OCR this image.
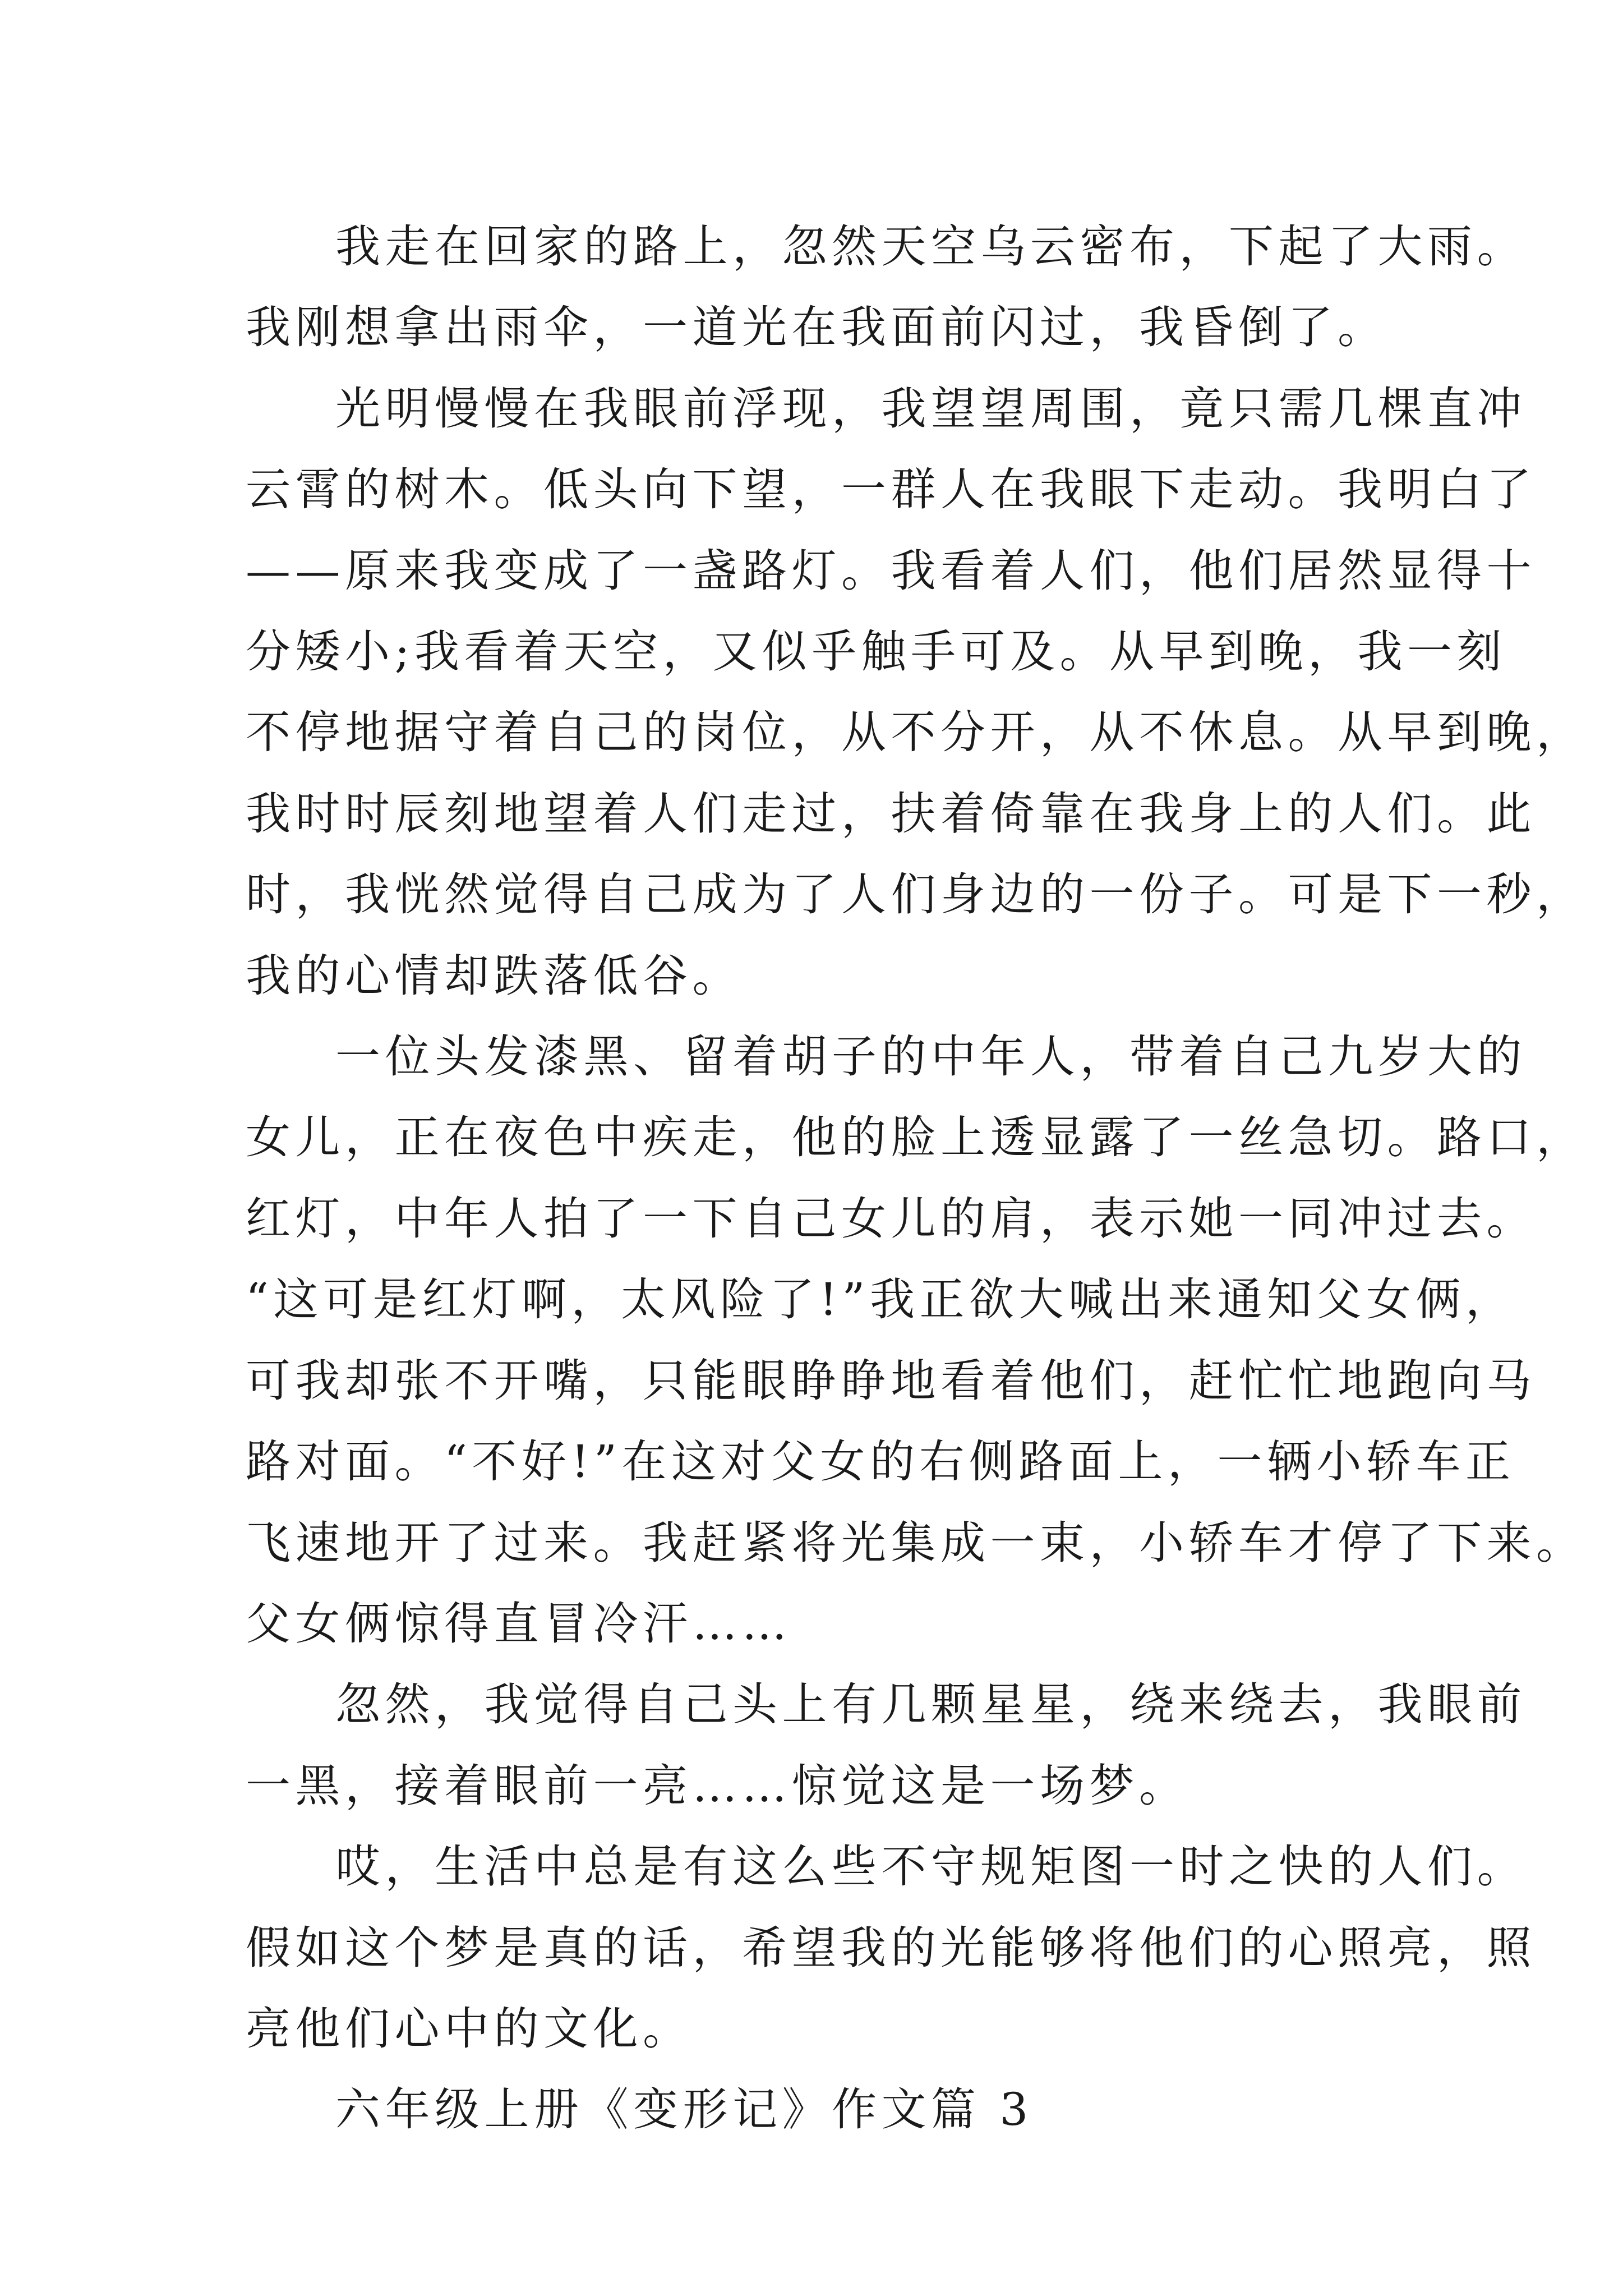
我走在回家的路上，忽然天空乌云密布，下起了大雨。
我刚想拿出雨伞，一道光在我面前闪过，我昏倒了。

光明慢慢在我眼前浮现，我望望周围，竟只需几棵直冲
云霄的树木。低头向下望，一群人在我眼下走动。我明白了
——原来我变成了一盏路灯。我看着人们，他们居然显得十
分矮小;我看着天空，又似乎触手可及。从早到晚，我一刻
不停地据守着自己的岗位，从不分开，从不休息。从早到晚，
我时时辰刻地望着人们走过，扶着倚靠在我身上的人们。此
时，我恍然觉得自己成为了人们身边的一份子。可是下一秒，
我的心情却跌落低谷。

一位头发漆黑、留着胡子的中年人，带着自己九岁大的
女儿，正在夜色中疾走，他的脸上透显露了一丝急切。路口，
红灯，中年人拍了一下自己女儿的肩，表示她一同冲过去。
“这可是红灯啊，太风险了!”我正欲大喊出来通知父女俩，
可我却张不开嘴，只能眼睁睁地看着他们，赶忙忙地跑向马
路对面。“不好!”在这对父女的右侧路面上，一辆小轿车正
飞速地开了过来。我赶紧将光集成一束，小轿车才停了下来。
父女俩惊得直冒冷汗……

忽然，我觉得自己头上有几颗星星，绕来绕去，我眼前
一黑，接着眼前一亮……惊觉这是一场梦。

哎，生活中总是有这么些不守规矩图一时之快的人们。
假如这个梦是真的话，希望我的光能够将他们的心照亮，照
亮他们心中的文化。

六年级上册《变形记》作文篇 3
